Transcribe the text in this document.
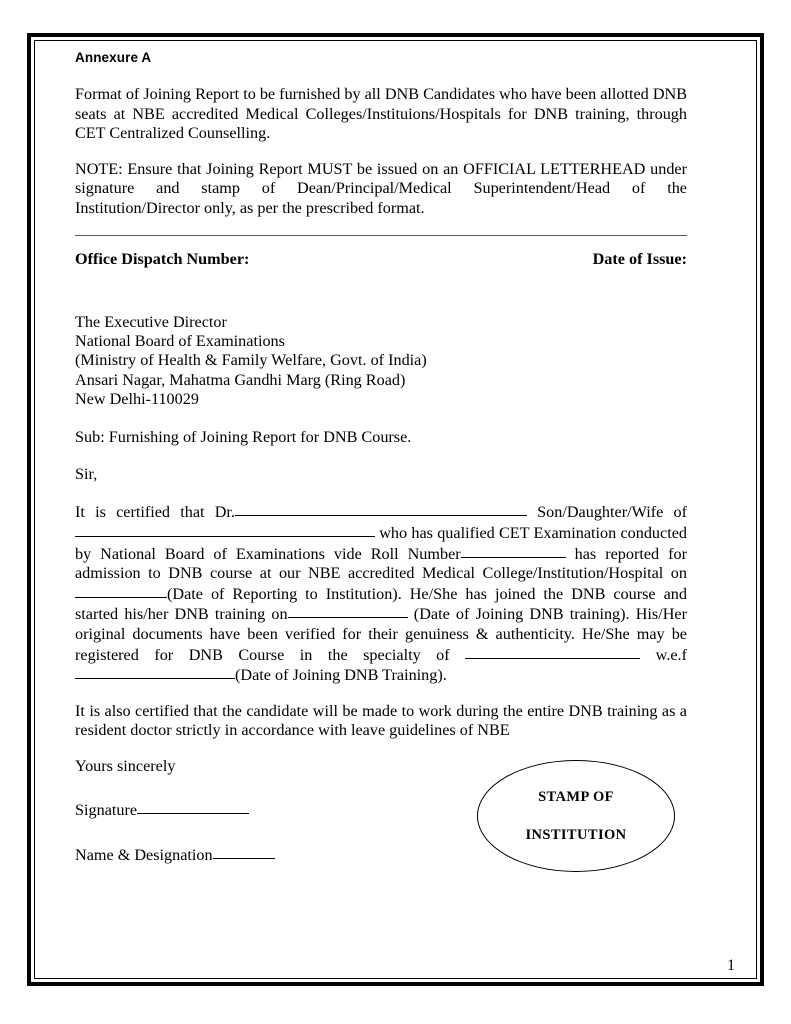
Annexure A

Format of Joining Report to be furnished by all DNB Candidates who have been allotted DNB seats at NBE accredited Medical Colleges/Instituions/Hospitals for DNB training, through CET Centralized Counselling.

NOTE: Ensure that Joining Report MUST be issued on an OFFICIAL LETTERHEAD under signature and stamp of Dean/Principal/Medical Superintendent/Head of the Institution/Director only, as per the prescribed format.

Office Dispatch Number:	Date of Issue:
The Executive Director
National Board of Examinations
(Ministry of Health & Family Welfare, Govt. of India)
Ansari Nagar, Mahatma Gandhi Marg (Ring Road)
New Delhi-110029
Sub: Furnishing of Joining Report for DNB Course.
Sir,

It is certified that Dr.	Son/Daughter/Wife of  who has qualified CET Examination conducted by National Board of Examinations vide Roll Number	has reported for admission to DNB course at our NBE accredited Medical College/Institution/Hospital on (Date of Reporting to Institution). He/She has joined the DNB course and started his/her DNB training on	(Date of Joining DNB training). His/Her original documents have been verified for their genuiness & authenticity. He/She may be registered for DNB Course in the specialty of	w.e.f (Date of Joining DNB Training).

It is also certified that the candidate will be made to work during the entire DNB training as a resident doctor strictly in accordance with leave guidelines of NBE

Yours sincerely
Signature
Name & Designation
STAMP OF
INSTITUTION
1
